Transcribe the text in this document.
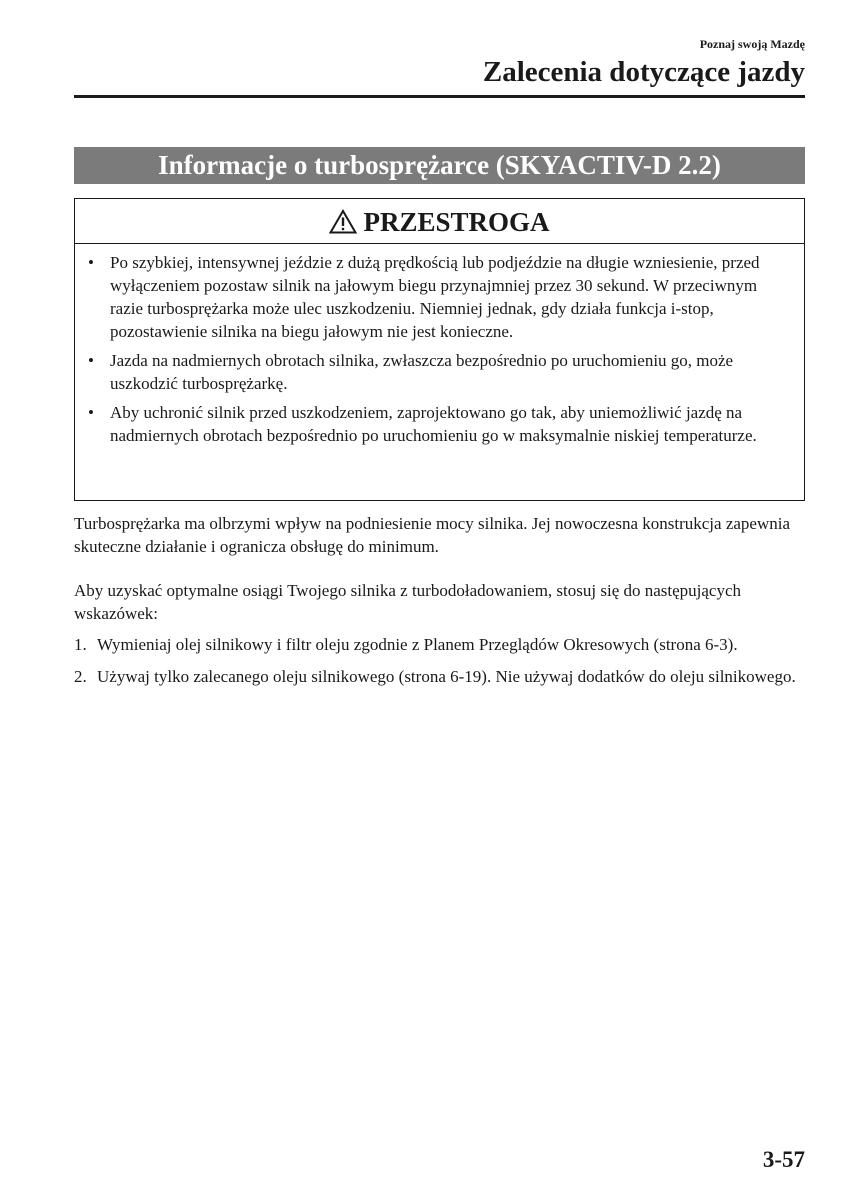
Poznaj swoją Mazdę
Zalecenia dotyczące jazdy
Informacje o turbosprężarce (SKYACTIV-D 2.2)
PRZESTROGA
• Po szybkiej, intensywnej jeździe z dużą prędkością lub podjeździe na długie wzniesienie, przed wyłączeniem pozostaw silnik na jałowym biegu przynajmniej przez 30 sekund. W przeciwnym razie turbosprężarka może ulec uszkodzeniu. Niemniej jednak, gdy działa funkcja i-stop, pozostawienie silnika na biegu jałowym nie jest konieczne.
• Jazda na nadmiernych obrotach silnika, zwłaszcza bezpośrednio po uruchomieniu go, może uszkodzić turbosprężarkę.
• Aby uchronić silnik przed uszkodzeniem, zaprojektowano go tak, aby uniemożliwić jazdę na nadmiernych obrotach bezpośrednio po uruchomieniu go w maksymalnie niskiej temperaturze.

Turbosprężarka ma olbrzymi wpływ na podniesienie mocy silnika. Jej nowoczesna konstrukcja zapewnia skuteczne działanie i ogranicza obsługę do minimum.

Aby uzyskać optymalne osiągi Twojego silnika z turbodoładowaniem, stosuj się do następujących wskazówek:

1. Wymieniaj olej silnikowy i filtr oleju zgodnie z Planem Przeglądów Okresowych (strona 6-3).
2. Używaj tylko zalecanego oleju silnikowego (strona 6-19). Nie używaj dodatków do oleju silnikowego.
3-57
